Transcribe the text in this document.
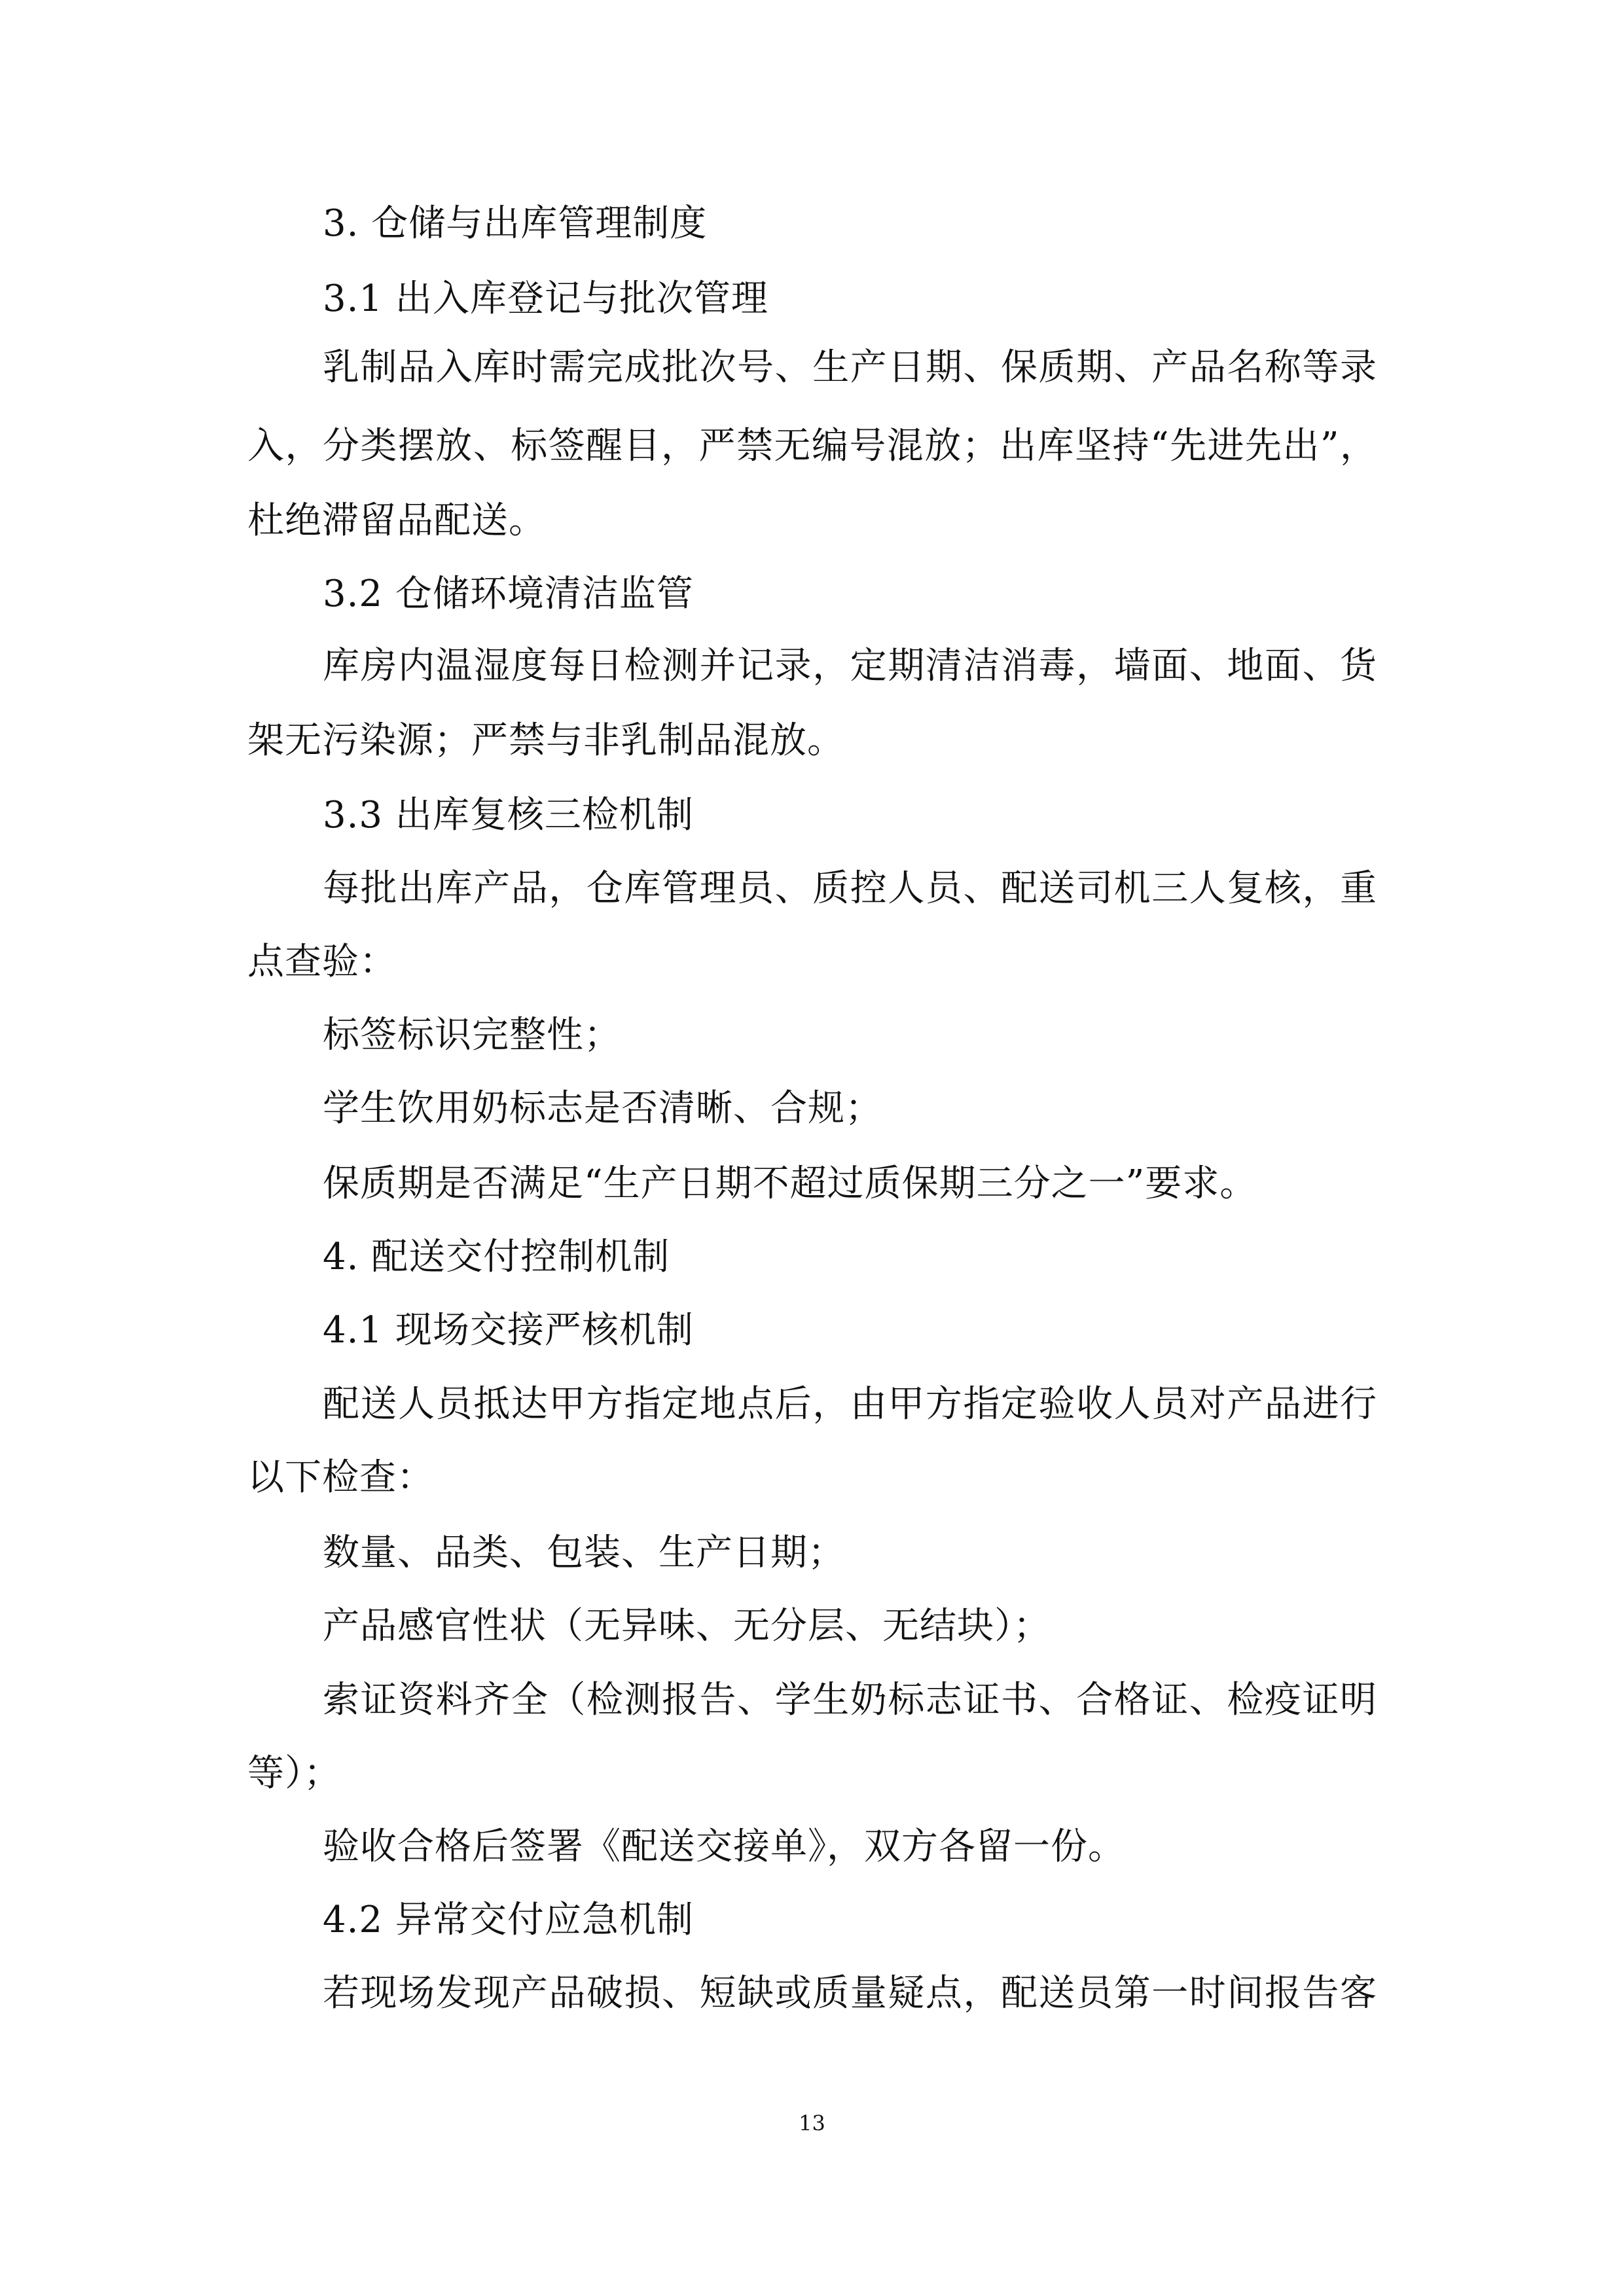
3. 仓储与出库管理制度
3.1 出入库登记与批次管理
乳制品入库时需完成批次号、生产日期、保质期、产品名称等录
入，分类摆放、标签醒目，严禁无编号混放；出库坚持“先进先出”，
杜绝滞留品配送。
3.2 仓储环境清洁监管
库房内温湿度每日检测并记录，定期清洁消毒，墙面、地面、货
架无污染源；严禁与非乳制品混放。
3.3 出库复核三检机制
每批出库产品，仓库管理员、质控人员、配送司机三人复核，重
点查验：
标签标识完整性；
学生饮用奶标志是否清晰、合规；
保质期是否满足“生产日期不超过质保期三分之一”要求。
4. 配送交付控制机制
4.1 现场交接严核机制
配送人员抵达甲方指定地点后，由甲方指定验收人员对产品进行
以下检查：
数量、品类、包装、生产日期；
产品感官性状（无异味、无分层、无结块）；
索证资料齐全（检测报告、学生奶标志证书、合格证、检疫证明
等）；
验收合格后签署《配送交接单》，双方各留一份。
4.2 异常交付应急机制
若现场发现产品破损、短缺或质量疑点，配送员第一时间报告客
13
